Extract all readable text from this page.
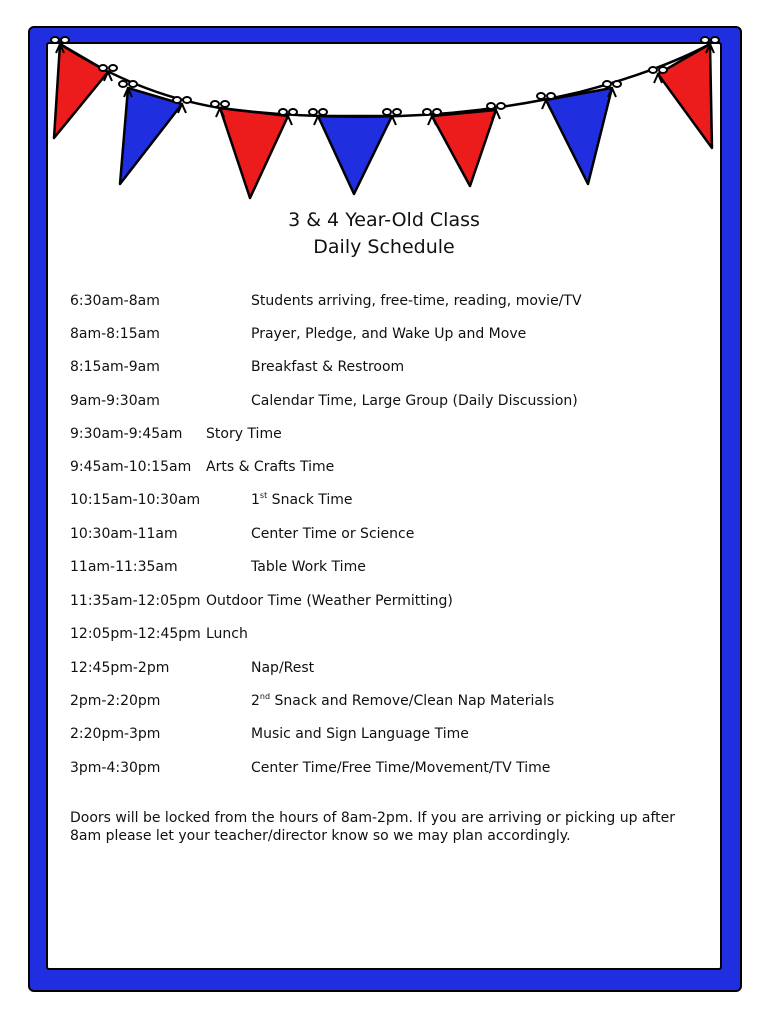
3 & 4 Year-Old Class
Daily Schedule
6:30am-8am	Students arriving, free-time, reading, movie/TV
8am-8:15am	Prayer, Pledge, and Wake Up and Move
8:15am-9am	Breakfast & Restroom
9am-9:30am	Calendar Time, Large Group (Daily Discussion)
9:30am-9:45am Story Time
9:45am-10:15am Arts & Crafts Time
10:15am-10:30am	1st Snack Time
10:30am-11am	Center Time or Science
11am-11:35am	Table Work Time
11:35am-12:05pm Outdoor Time (Weather Permitting)
12:05pm-12:45pm Lunch
12:45pm-2pm	Nap/Rest
2pm-2:20pm	2nd Snack and Remove/Clean Nap Materials
2:20pm-3pm	Music and Sign Language Time
3pm-4:30pm	Center Time/Free Time/Movement/TV Time
Doors will be locked from the hours of 8am-2pm. If you are arriving or picking up after
8am please let your teacher/director know so we may plan accordingly.
